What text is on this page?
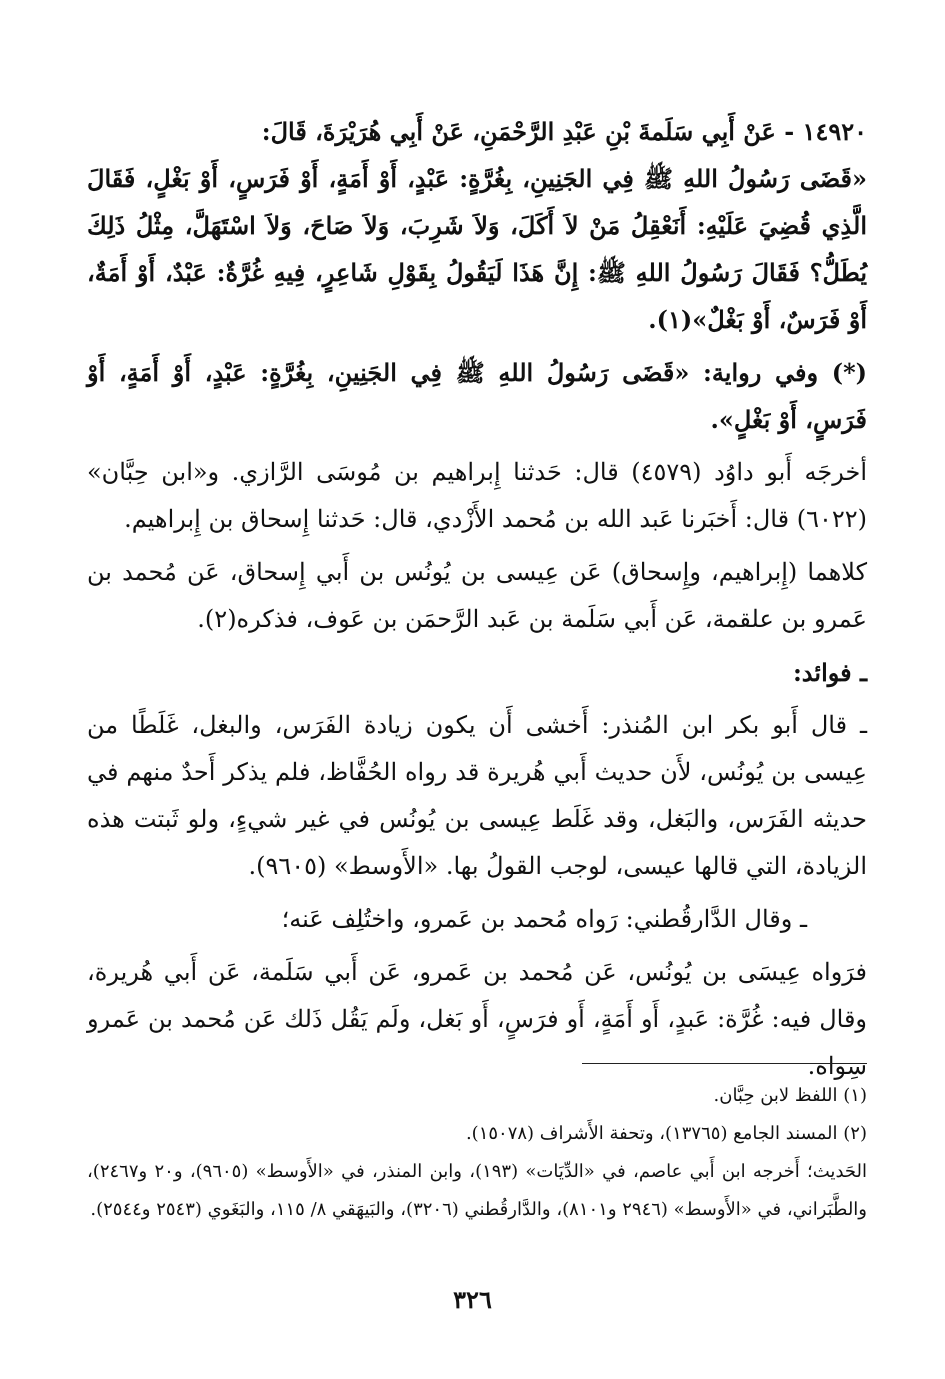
١٤٩٢٠ - عَنْ أَبِي سَلَمةَ بْنِ عَبْدِ الرَّحْمَنِ، عَنْ أَبِي هُرَيْرَةَ، قَالَ:
«قَضَى رَسُولُ اللهِ ﷺ فِي الجَنِينِ، بِغُرَّةٍ: عَبْدٍ، أَوْ أَمَةٍ، أَوْ فَرَسٍ، أَوْ بَغْلٍ، فَقَالَ الَّذِي قُضِيَ عَلَيْهِ: أَنَعْقِلُ مَنْ لاَ أَكَلَ، وَلاَ شَرِبَ، وَلاَ صَاحَ، وَلاَ اسْتَهَلَّ، مِثْلُ ذَلِكَ يُطَلُّ؟ فَقَالَ رَسُولُ اللهِ ﷺ: إِنَّ هَذَا لَيَقُولُ بِقَوْلِ شَاعِرٍ، فِيهِ غُرَّةٌ: عَبْدٌ، أَوْ أَمَةٌ، أَوْ فَرَسٌ، أَوْ بَغْلٌ»(١).

(*) وفي رواية: «قَضَى رَسُولُ اللهِ ﷺ فِي الجَنِينِ، بِغُرَّةٍ: عَبْدٍ، أَوْ أَمَةٍ، أَوْ فَرَسٍ، أَوْ بَغْلٍ».

أخرجَه أَبو داوُد (٤٥٧٩) قال: حَدثنا إِبراهيم بن مُوسَى الرَّازي. و«ابن حِبَّان» (٦٠٢٢) قال: أَخبَرنا عَبد الله بن مُحمد الأَزْدي، قال: حَدثنا إِسحاق بن إِبراهيم.

كلاهما (إِبراهيم، وإِسحاق) عَن عِيسى بن يُونُس بن أَبي إِسحاق، عَن مُحمد بن عَمرو بن علقمة، عَن أَبي سَلَمة بن عَبد الرَّحمَن بن عَوف، فذكره(٢).

ـ فوائد:

ـ قال أَبو بكر ابن المُنذر: أَخشى أَن يكون زيادة الفَرَس، والبغل، غَلَطًا من عِيسى بن يُونُس، لأَن حديث أَبي هُريرة قد رواه الحُفَّاظ، فلم يذكر أَحدٌ منهم في حديثه الفَرَس، والبَغل، وقد غَلَط عِيسى بن يُونُس في غير شيءٍ، ولو ثَبتت هذه الزيادة، التي قالها عيسى، لوجب القولُ بها. «الأَوسط» (٩٦٠٥).

ـ وقال الدَّارقُطني: رَواه مُحمد بن عَمرو، واختُلِف عَنه؛

فرَواه عِيسَى بن يُونُس، عَن مُحمد بن عَمرو، عَن أَبي سَلَمة، عَن أَبي هُريرة، وقال فيه: غُرَّة: عَبدٍ، أَو أَمَةٍ، أَو فرَسٍ، أَو بَغل، ولَم يَقُل ذَلك عَن مُحمد بن عَمرو سِواه.

(١) اللفظ لابن حِبَّان.

(٢) المسند الجامع (١٣٧٦٥)، وتحفة الأَشراف (١٥٠٧٨).

الحَديث؛ أَخرجه ابن أَبي عاصم، في «الدِّيَات» (١٩٣)، وابن المنذر، في «الأَوسط» (٩٦٠٥)، و٢٠ و٢٤٦٧)، والطَّبَراني، في «الأَوسط» (٢٩٤٦ و٨١٠١)، والدَّارقُطني (٣٢٠٦)، والبَيهَقي ٨/ ١١٥، والبَغَوي (٢٥٤٣ و٢٥٤٤).

٣٢٦
